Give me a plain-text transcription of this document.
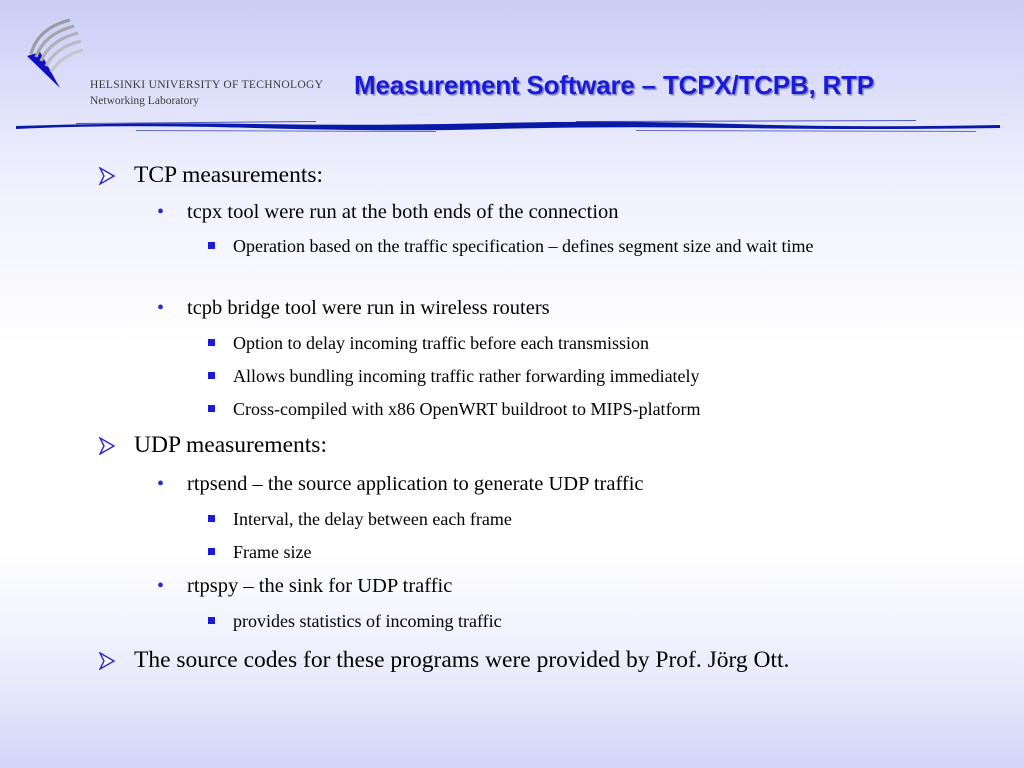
HELSINKI UNIVERSITY OF TECHNOLOGY

Networking Laboratory

Measurement Software – TCPX/TCPB, RTP
TCP measurements:
• tcpx tool were run at the both ends of the connection
Operation based on the traffic specification – defines segment size and wait time
• tcpb bridge tool were run in wireless routers
Option to delay incoming traffic before each transmission
Allows bundling incoming traffic rather forwarding immediately
Cross-compiled with x86 OpenWRT buildroot to MIPS-platform
UDP measurements:
• rtpsend – the source application to generate UDP traffic
Interval, the delay between each frame
Frame size
• rtpspy – the sink for UDP traffic
provides statistics of incoming traffic
The source codes for these programs were provided by Prof. Jörg Ott.
